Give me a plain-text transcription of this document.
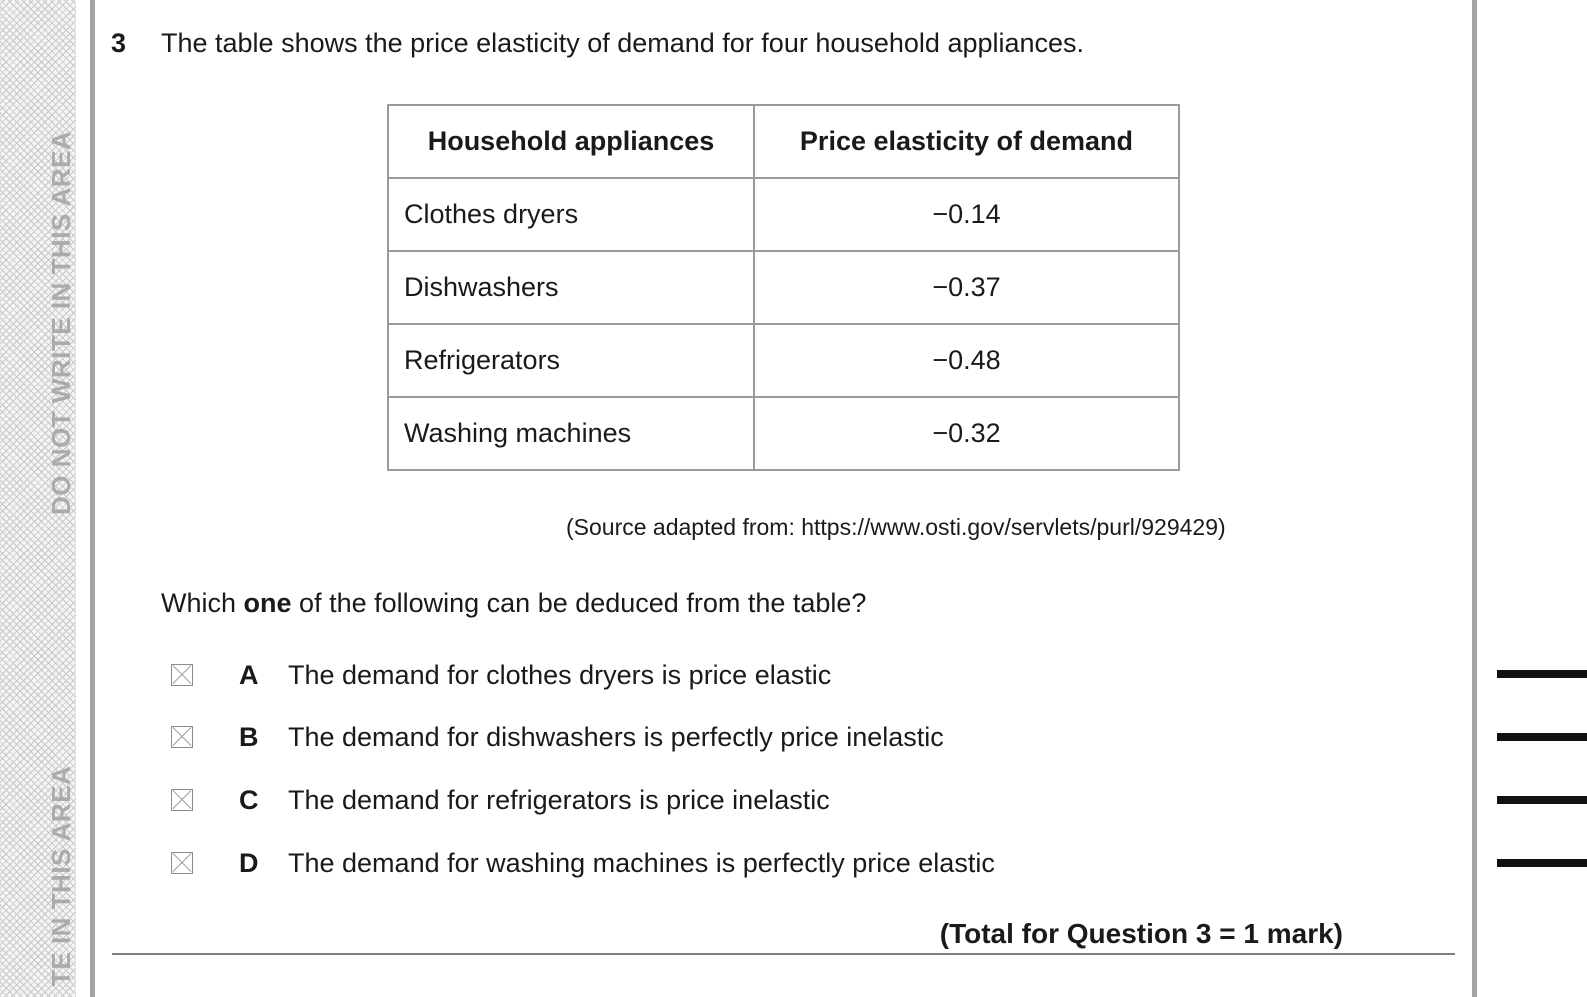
DO NOT WRITE IN THIS AREA
TE IN THIS AREA
3 The table shows the price elasticity of demand for four household appliances.
Household appliances	Price elasticity of demand
Clothes dryers	−0.14
Dishwashers	−0.37
Refrigerators	−0.48
Washing machines	−0.32
(Source adapted from: https://www.osti.gov/servlets/purl/929429)
Which one of the following can be deduced from the table?
A The demand for clothes dryers is price elastic
B The demand for dishwashers is perfectly price inelastic
C The demand for refrigerators is price inelastic
D The demand for washing machines is perfectly price elastic
(Total for Question 3 = 1 mark)
